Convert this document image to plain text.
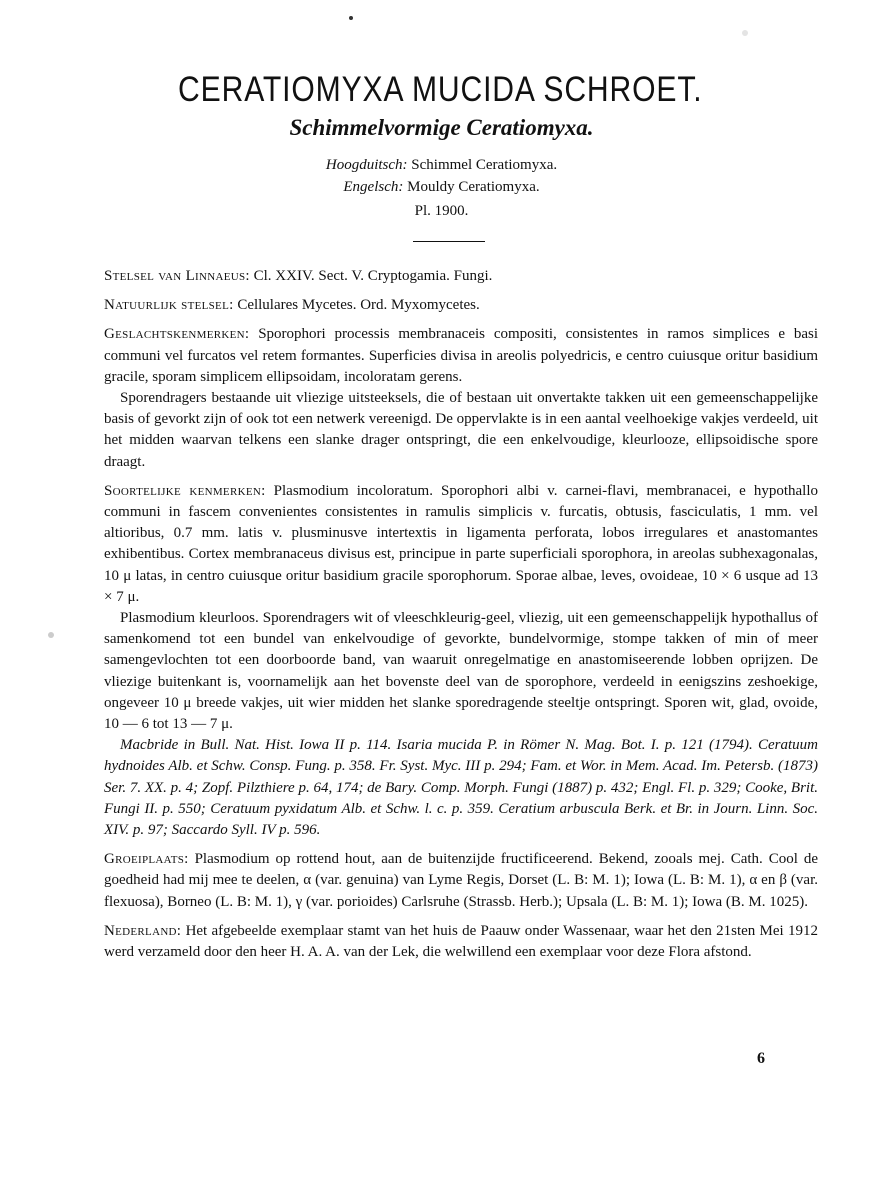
CERATIOMYXA MUCIDA SCHROET.
Schimmelvormige Ceratiomyxa.
Hoogduitsch: Schimmel Ceratiomyxa.
Engelsch: Mouldy Ceratiomyxa.
Pl. 1900.

Stelsel van Linnaeus: Cl. XXIV. Sect. V. Cryptogamia. Fungi.

Natuurlijk stelsel: Cellulares Mycetes. Ord. Myxomycetes.

Geslachtskenmerken: Sporophori processis membranaceis compositi, consistentes in ramos simplices e basi communi vel furcatos vel retem formantes. Superficies divisa in areolis polyedricis, e centro cuiusque oritur basidium gracile, sporam simplicem ellipsoidam, incoloratam gerens.

Sporendragers bestaande uit vliezige uitsteeksels, die of bestaan uit onvertakte takken uit een gemeenschappelijke basis of gevorkt zijn of ook tot een netwerk vereenigd. De oppervlakte is in een aantal veelhoekige vakjes verdeeld, uit het midden waarvan telkens een slanke drager ontspringt, die een enkelvoudige, kleurlooze, ellipsoidische spore draagt.

Soortelijke kenmerken: Plasmodium incoloratum. Sporophori albi v. carnei-flavi, membranacei, e hypothallo communi in fascem convenientes consistentes in ramulis simplicis v. furcatis, obtusis, fasciculatis, 1 mm. vel altioribus, 0.7 mm. latis v. plusminusve intertextis in ligamenta perforata, lobos irregulares et anastomantes exhibentibus. Cortex membranaceus divisus est, principue in parte superficiali sporophora, in areolas subhexagonalas, 10 μ latas, in centro cuiusque oritur basidium gracile sporophorum. Sporae albae, leves, ovoideae, 10 × 6 usque ad 13 × 7 μ.

Plasmodium kleurloos. Sporendragers wit of vleeschkleurig-geel, vliezig, uit een gemeenschappelijk hypothallus of samenkomend tot een bundel van enkelvoudige of gevorkte, bundelvormige, stompe takken of min of meer samengevlochten tot een doorboorde band, van waaruit onregelmatige en anastomiseerende lobben oprijzen. De vliezige buitenkant is, voornamelijk aan het bovenste deel van de sporophore, verdeeld in eenigszins zeshoekige, ongeveer 10 μ breede vakjes, uit wier midden het slanke sporedragende steeltje ontspringt. Sporen wit, glad, ovoide, 10 — 6 tot 13 — 7 μ.

Macbride in Bull. Nat. Hist. Iowa II p. 114. Isaria mucida P. in Römer N. Mag. Bot. I. p. 121 (1794). Ceratuum hydnoides Alb. et Schw. Consp. Fung. p. 358. Fr. Syst. Myc. III p. 294; Fam. et Wor. in Mem. Acad. Im. Petersb. (1873) Ser. 7. XX. p. 4; Zopf. Pilzthiere p. 64, 174; de Bary. Comp. Morph. Fungi (1887) p. 432; Engl. Fl. p. 329; Cooke, Brit. Fungi II. p. 550; Ceratuum pyxidatum Alb. et Schw. l. c. p. 359. Ceratium arbuscula Berk. et Br. in Journ. Linn. Soc. XIV. p. 97; Saccardo Syll. IV p. 596.

Groeiplaats: Plasmodium op rottend hout, aan de buitenzijde fructificeerend. Bekend, zooals mej. Cath. Cool de goedheid had mij mee te deelen, α (var. genuina) van Lyme Regis, Dorset (L. B: M. 1); Iowa (L. B: M. 1), α en β (var. flexuosa), Borneo (L. B: M. 1), γ (var. porioides) Carlsruhe (Strassb. Herb.); Upsala (L. B: M. 1); Iowa (B. M. 1025).

Nederland: Het afgebeelde exemplaar stamt van het huis de Paauw onder Wassenaar, waar het den 21sten Mei 1912 werd verzameld door den heer H. A. A. van der Lek, die welwillend een exemplaar voor deze Flora afstond.

6
